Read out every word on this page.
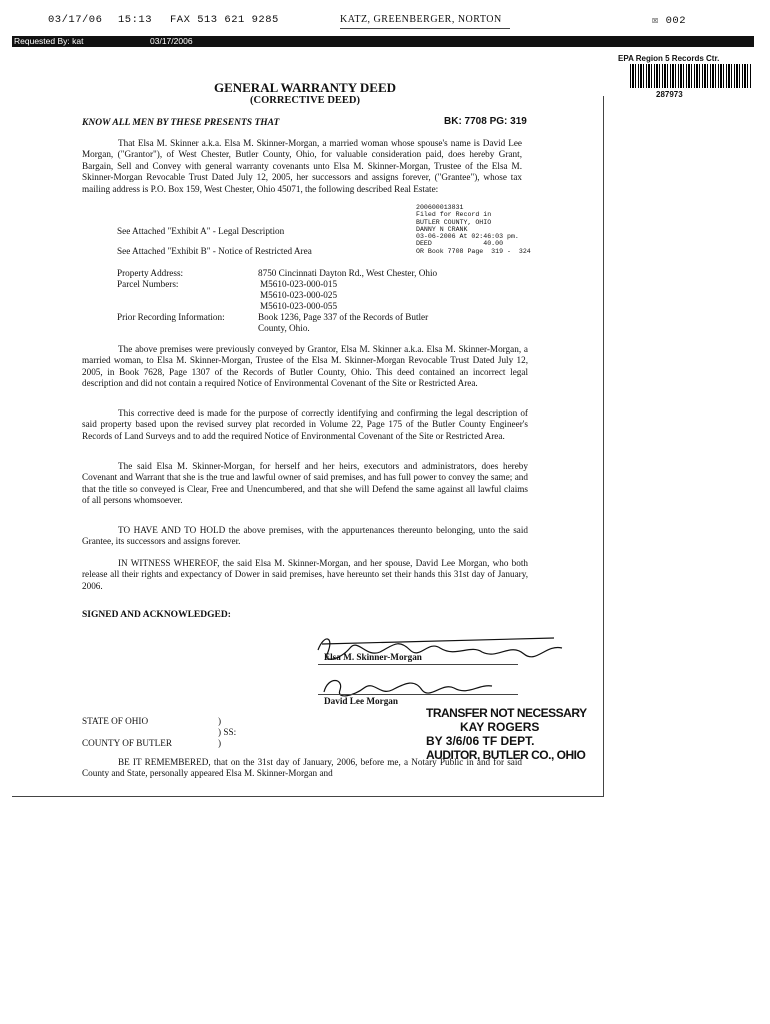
03/17/06 15:13 FAX 513 621 9285	KATZ, GREENBERGER, NORTON	☒ 002
Requested By: kat	03/17/2006
EPA Region 5 Records Ctr.
287973
GENERAL WARRANTY DEED
(CORRECTIVE DEED)
KNOW ALL MEN BY THESE PRESENTS THAT	BK: 7708 PG: 319
That Elsa M. Skinner a.k.a. Elsa M. Skinner-Morgan, a married woman whose spouse's name is David Lee Morgan, ("Grantor"), of West Chester, Butler County, Ohio, for valuable consideration paid, does hereby Grant, Bargain, Sell and Convey with general warranty covenants unto Elsa M. Skinner-Morgan, Trustee of the Elsa M. Skinner-Morgan Revocable Trust Dated July 12, 2005, her successors and assigns forever, ("Grantee"), whose tax mailing address is P.O. Box 159, West Chester, Ohio 45071, the following described Real Estate:
200600013831
Filed for Record in
BUTLER COUNTY, OHIO
DANNY N CRANK
03-06-2006 At 02:46:03 pm.
DEED             40.00
OR Book 7708 Page  319 -  324
See Attached "Exhibit A" - Legal Description
See Attached "Exhibit B" - Notice of Restricted Area
Property Address:	8750 Cincinnati Dayton Rd., West Chester, Ohio
Parcel Numbers:	M5610-023-000-015
M5610-023-000-025
M5610-023-000-055
Prior Recording Information:	Book 1236, Page 337 of the Records of Butler
County, Ohio.
The above premises were previously conveyed by Grantor, Elsa M. Skinner a.k.a. Elsa M. Skinner-Morgan, a married woman, to Elsa M. Skinner-Morgan, Trustee of the Elsa M. Skinner-Morgan Revocable Trust Dated July 12, 2005, in Book 7628, Page 1307 of the Records of Butler County, Ohio. This deed contained an incorrect legal description and did not contain a required Notice of Environmental Covenant of the Site or Restricted Area.
This corrective deed is made for the purpose of correctly identifying and confirming the legal description of said property based upon the revised survey plat recorded in Volume 22, Page 175 of the Butler County Engineer's Records of Land Surveys and to add the required Notice of Environmental Covenant of the Site or Restricted Area.
The said Elsa M. Skinner-Morgan, for herself and her heirs, executors and administrators, does hereby Covenant and Warrant that she is the true and lawful owner of said premises, and has full power to convey the same; and that the title so conveyed is Clear, Free and Unencumbered, and that she will Defend the same against all lawful claims of all persons whomsoever.
TO HAVE AND TO HOLD the above premises, with the appurtenances thereunto belonging, unto the said Grantee, its successors and assigns forever.
IN WITNESS WHEREOF, the said Elsa M. Skinner-Morgan, and her spouse, David Lee Morgan, who both release all their rights and expectancy of Dower in said premises, have hereunto set their hands this 31st day of January, 2006.
SIGNED AND ACKNOWLEDGED:
Elsa M. Skinner-Morgan
David Lee Morgan
TRANSFER NOT NECESSARY
KAY ROGERS
BY 3/6/06 TF DEPT.
AUDITOR, BUTLER CO., OHIO
STATE OF OHIO	)
) SS:
COUNTY OF BUTLER	)
BE IT REMEMBERED, that on the 31st day of January, 2006, before me, a Notary Public in and for said County and State, personally appeared Elsa M. Skinner-Morgan and
